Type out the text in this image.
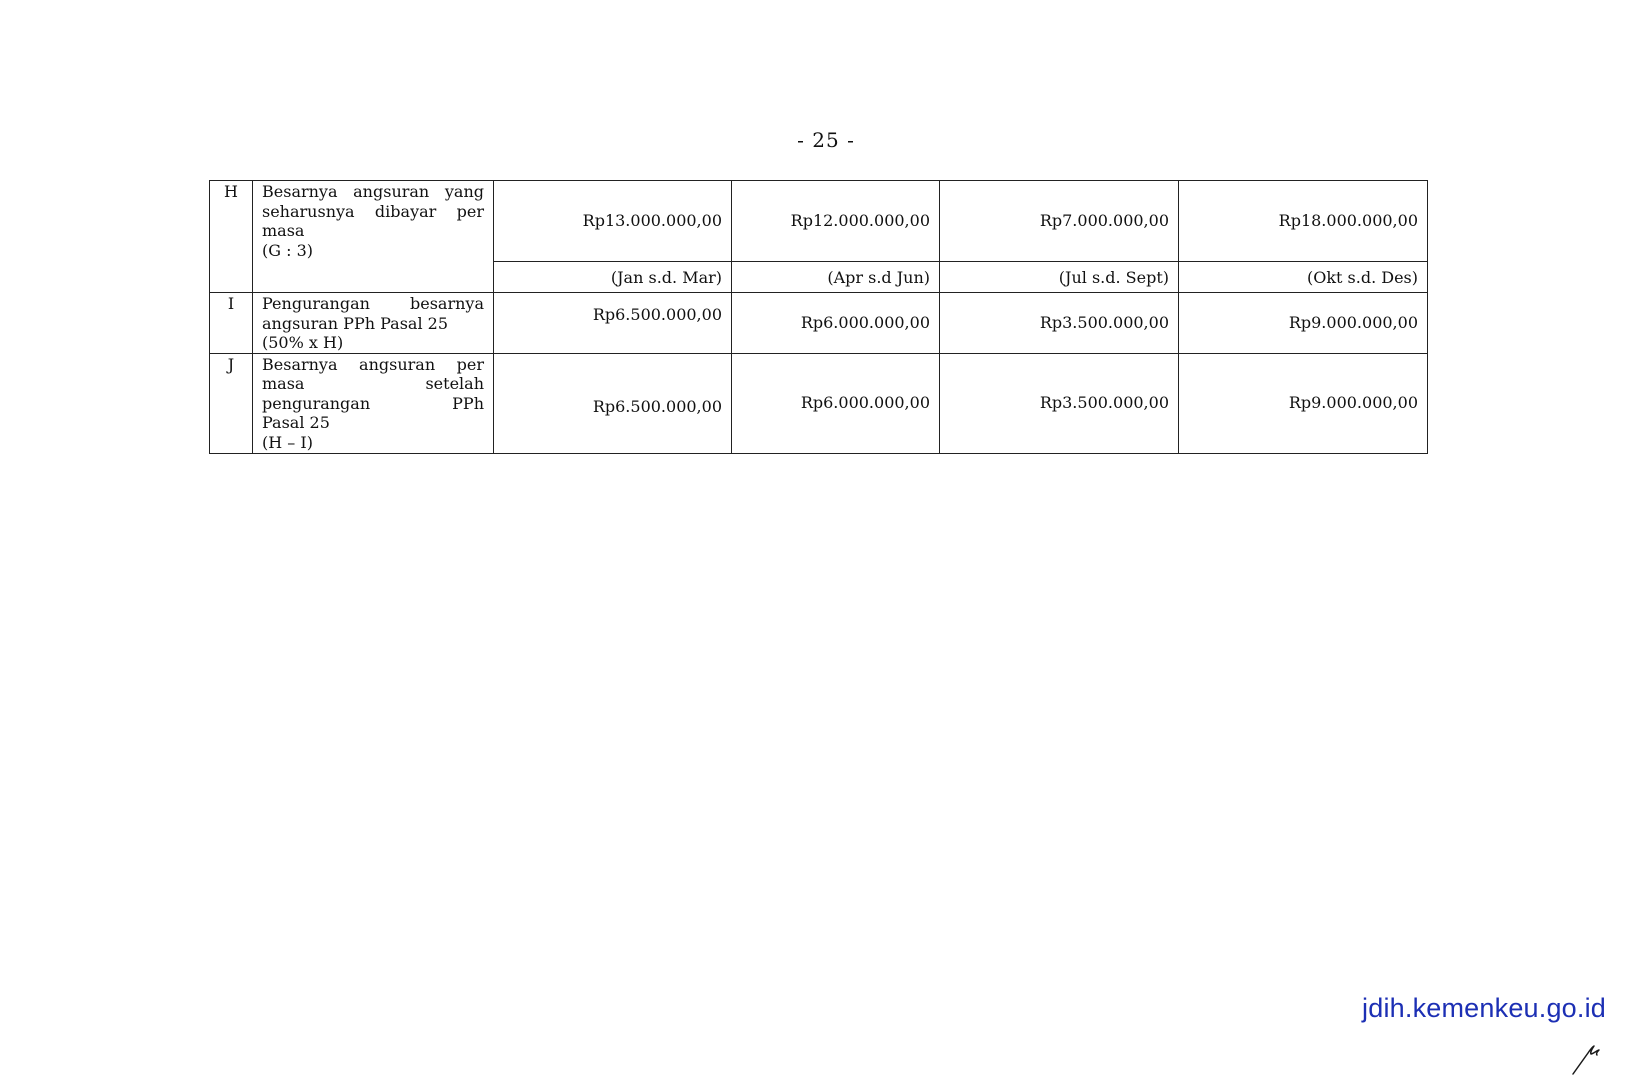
- 25 -
H	Besarnya angsuran yang
seharusnya dibayar per
masa
(G : 3)	Rp13.000.000,00	Rp12.000.000,00	Rp7.000.000,00	Rp18.000.000,00
		(Jan s.d. Mar)	(Apr s.d Jun)	(Jul s.d. Sept)	(Okt s.d. Des)
I	Pengurangan besarnya
angsuran PPh Pasal 25
(50% x H)	Rp6.500.000,00	Rp6.000.000,00	Rp3.500.000,00	Rp9.000.000,00
J	Besarnya angsuran per
masa setelah
pengurangan PPh
Pasal 25
(H – I)	Rp6.500.000,00	Rp6.000.000,00	Rp3.500.000,00	Rp9.000.000,00
jdih.kemenkeu.go.id
